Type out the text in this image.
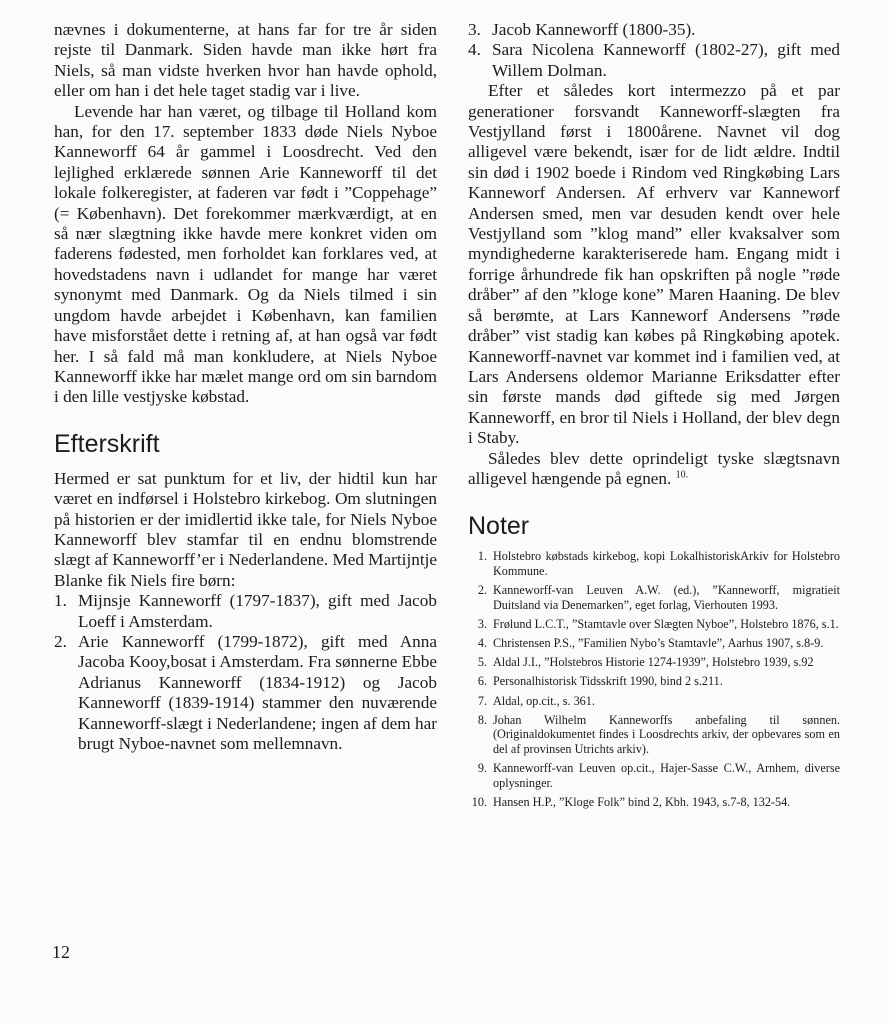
nævnes i dokumenterne, at hans far for tre år siden rejste til Danmark. Siden havde man ikke hørt fra Niels, så man vidste hverken hvor han havde ophold, eller om han i det hele taget stadig var i live.

Levende har han været, og tilbage til Holland kom han, for den 17. september 1833 døde Niels Nyboe Kanneworff 64 år gammel i Loosdrecht. Ved den lejlighed erklærede sønnen Arie Kanneworff til det lokale folkeregister, at faderen var født i ”Coppehage” (= København). Det forekommer mærkværdigt, at en så nær slægtning ikke havde mere konkret viden om faderens fødested, men forholdet kan forklares ved, at hovedstadens navn i udlandet for mange har været synonymt med Danmark. Og da Niels tilmed i sin ungdom havde arbejdet i København, kan familien have misforstået dette i retning af, at han også var født her. I så fald må man konkludere, at Niels Nyboe Kanneworff ikke har mælet mange ord om sin barndom i den lille vestjyske købstad.

Efterskrift

Hermed er sat punktum for et liv, der hidtil kun har været en indførsel i Holstebro kirkebog. Om slutningen på historien er der imidlertid ikke tale, for Niels Nyboe Kanneworff blev stamfar til en endnu blomstrende slægt af Kanneworff’er i Nederlandene. Med Martijntje Blanke fik Niels fire børn:

1. Mijnsje Kanneworff (1797-1837), gift med Jacob Loeff i Amsterdam.
2. Arie Kanneworff (1799-1872), gift med Anna Jacoba Kooy,bosat i Amsterdam. Fra sønnerne Ebbe Adrianus Kanneworff (1834-1912) og Jacob Kanneworff (1839-1914) stammer den nuværende Kanneworff-slægt i Nederlandene; ingen af dem har brugt Nyboe-navnet som mellemnavn.
3. Jacob Kanneworff (1800-35).
4. Sara Nicolena Kanneworff (1802-27), gift med Willem Dolman.

Efter et således kort intermezzo på et par generationer forsvandt Kanneworff-slægten fra Vestjylland først i 1800årene. Navnet vil dog alligevel være bekendt, især for de lidt ældre. Indtil sin død i 1902 boede i Rindom ved Ringkøbing Lars Kanneworf Andersen. Af erhverv var Kanneworf Andersen smed, men var desuden kendt over hele Vestjylland som ”klog mand” eller kvaksalver som myndighederne karakteriserede ham. Engang midt i forrige århundrede fik han opskriften på nogle ”røde dråber” af den ”kloge kone” Maren Haaning. De blev så berømte, at Lars Kanneworf Andersens ”røde dråber” vist stadig kan købes på Ringkøbing apotek. Kanneworff-navnet var kommet ind i familien ved, at Lars Andersens oldemor Marianne Eriksdatter efter sin første mands død giftede sig med Jørgen Kanneworff, en bror til Niels i Holland, der blev degn i Staby.

Således blev dette oprindeligt tyske slægtsnavn alligevel hængende på egnen. $^{10.}$

Noter
1. Holstebro købstads kirkebog, kopi LokalhistoriskArkiv for Holstebro Kommune.
2. Kanneworff-van Leuven A.W. (ed.), ”Kanneworff, migratieit Duitsland via Denemarken”, eget forlag, Vierhouten 1993.
3. Frølund L.C.T., ”Stamtavle over Slægten Nyboe”, Holstebro 1876, s.1.
4. Christensen P.S., ”Familien Nybo’s Stamtavle”, Aarhus 1907, s.8-9.
5. Aldal J.I., ”Holstebros Historie 1274-1939”, Holstebro 1939, s.92
6. Personalhistorisk Tidsskrift 1990, bind 2 s.211.
7. Aldal, op.cit., s. 361.
8. Johan Wilhelm Kanneworffs anbefaling til sønnen.(Originaldokumentet findes i Loosdrechts arkiv, der opbevares som en del af provinsen Utrichts arkiv).
9. Kanneworff-van Leuven op.cit., Hajer-Sasse C.W., Arnhem, diverse oplysninger.
10. Hansen H.P., ”Kloge Folk” bind 2, Kbh. 1943, s.7-8, 132-54.
12
